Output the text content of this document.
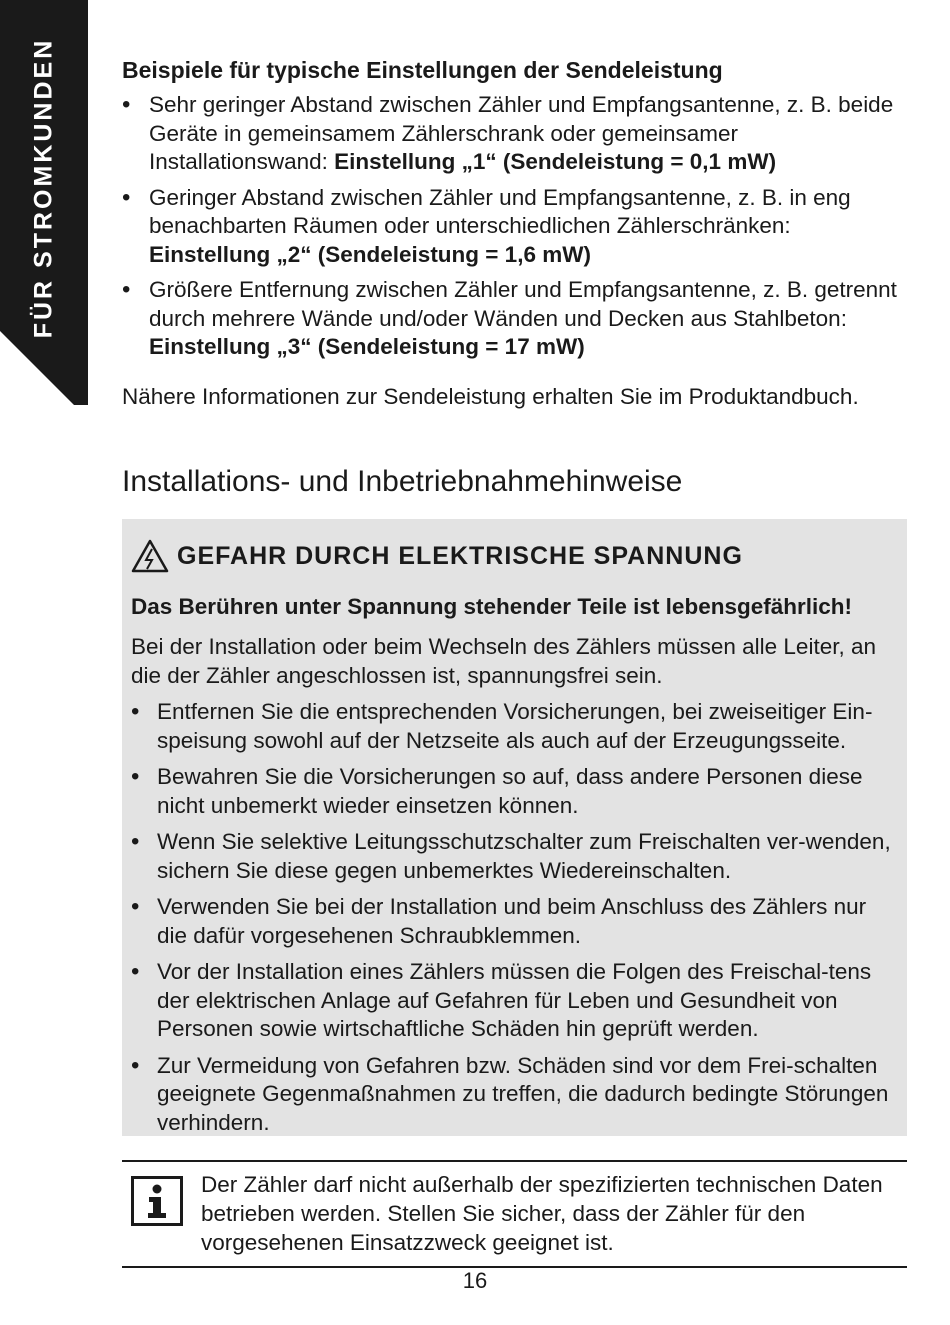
FÜR STROMKUNDEN	Beispiele für typische Einstellungen der Sendeleistung

• Sehr geringer Abstand zwischen Zähler und Empfangsantenne, z. B. beide Geräte in gemeinsamem Zählerschrank oder gemeinsamer Installationswand: Einstellung „1“ (Sendeleistung = 0,1 mW)
• Geringer Abstand zwischen Zähler und Empfangsantenne, z. B. in eng benachbarten Räumen oder unterschiedlichen Zählerschränken: Einstellung „2“ (Sendeleistung = 1,6 mW)
• Größere Entfernung zwischen Zähler und Empfangsantenne, z. B. getrennt durch mehrere Wände und/oder Wänden und Decken aus Stahlbeton: Einstellung „3“ (Sendeleistung = 17 mW)

Nähere Informationen zur Sendeleistung erhalten Sie im Produktandbuch.

Installations- und Inbetriebnahmehinweise
GEFAHR DURCH ELEKTRISCHE SPANNUNG

Das Berühren unter Spannung stehender Teile ist lebensgefährlich!

Bei der Installation oder beim Wechseln des Zählers müssen alle Leiter, an die der Zähler angeschlossen ist, spannungsfrei sein.

• Entfernen Sie die entsprechenden Vorsicherungen, bei zweiseitiger Ein-speisung sowohl auf der Netzseite als auch auf der Erzeugungsseite.
• Bewahren Sie die Vorsicherungen so auf, dass andere Personen diese nicht unbemerkt wieder einsetzen können.
• Wenn Sie selektive Leitungsschutzschalter zum Freischalten ver-wenden, sichern Sie diese gegen unbemerktes Wiedereinschalten.
• Verwenden Sie bei der Installation und beim Anschluss des Zählers nur die dafür vorgesehenen Schraubklemmen.
• Vor der Installation eines Zählers müssen die Folgen des Freischal-tens der elektrischen Anlage auf Gefahren für Leben und Gesundheit von Personen sowie wirtschaftliche Schäden hin geprüft werden.
• Zur Vermeidung von Gefahren bzw. Schäden sind vor dem Frei-schalten geeignete Gegenmaßnahmen zu treffen, die dadurch bedingte Störungen verhindern.
Der Zähler darf nicht außerhalb der spezifizierten technischen Daten betrieben werden. Stellen Sie sicher, dass der Zähler für den vorgesehenen Einsatzzweck geeignet ist.
16
